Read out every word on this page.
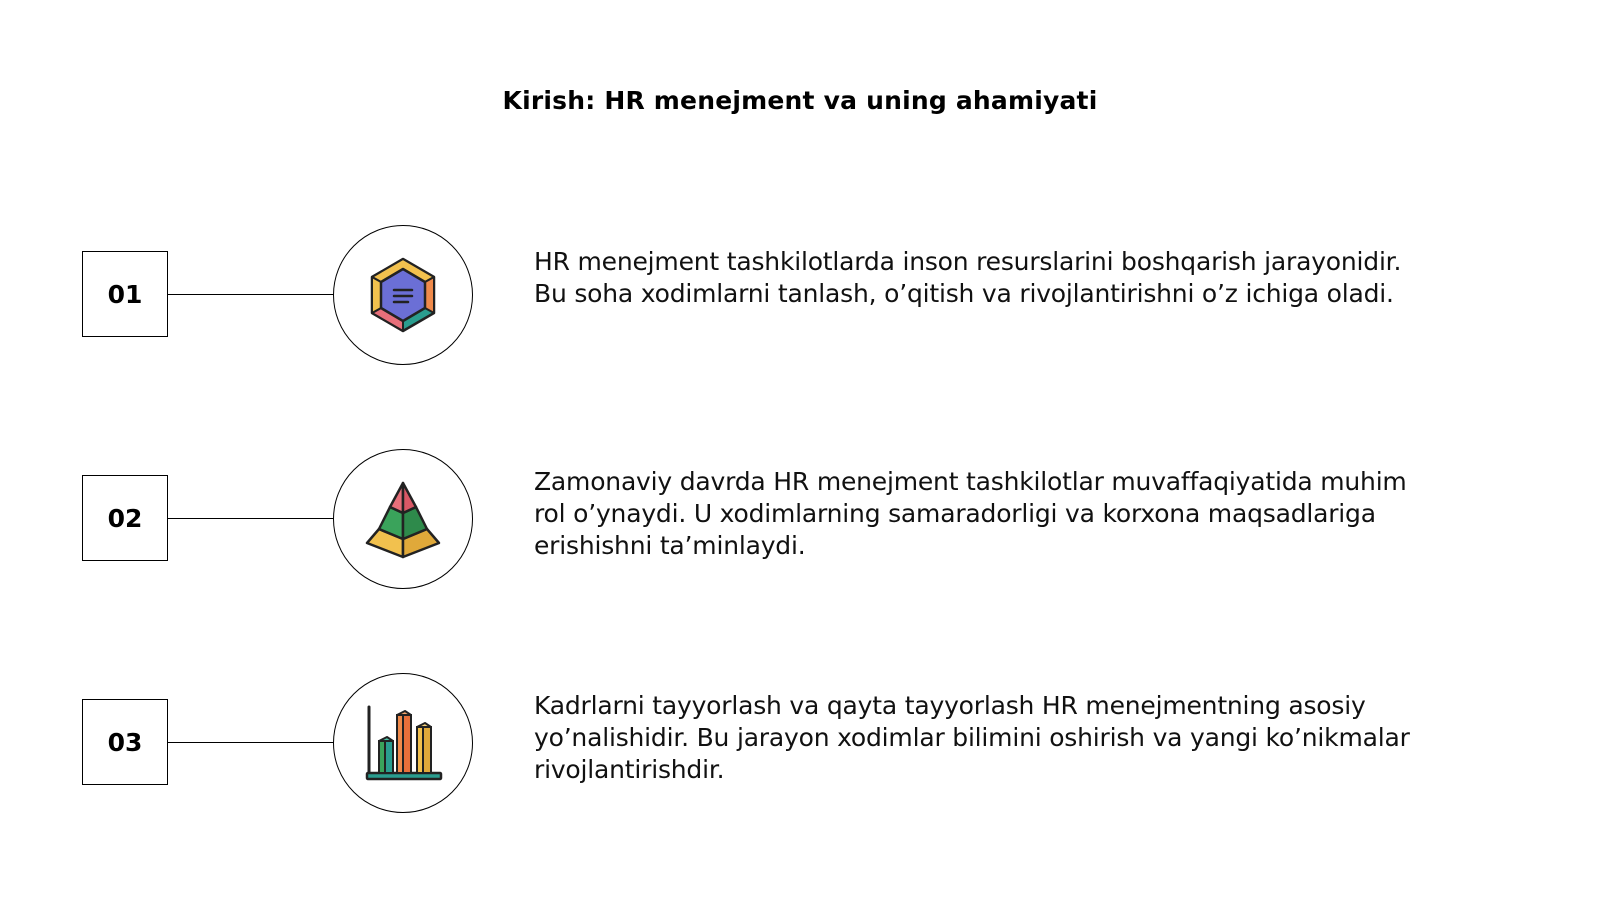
Kirish: HR menejment va uning ahamiyati
01
HR menejment tashkilotlarda inson resurslarini boshqarish jarayonidir.
Bu soha xodimlarni tanlash, o’qitish va rivojlantirishni o’z ichiga oladi.
02
Zamonaviy davrda HR menejment tashkilotlar muvaffaqiyatida muhim
rol o’ynaydi. U xodimlarning samaradorligi va korxona maqsadlariga
erishishni ta’minlaydi.
03
Kadrlarni tayyorlash va qayta tayyorlash HR menejmentning asosiy
yo’nalishidir. Bu jarayon xodimlar bilimini oshirish va yangi ko’nikmalar
rivojlantirishdir.
